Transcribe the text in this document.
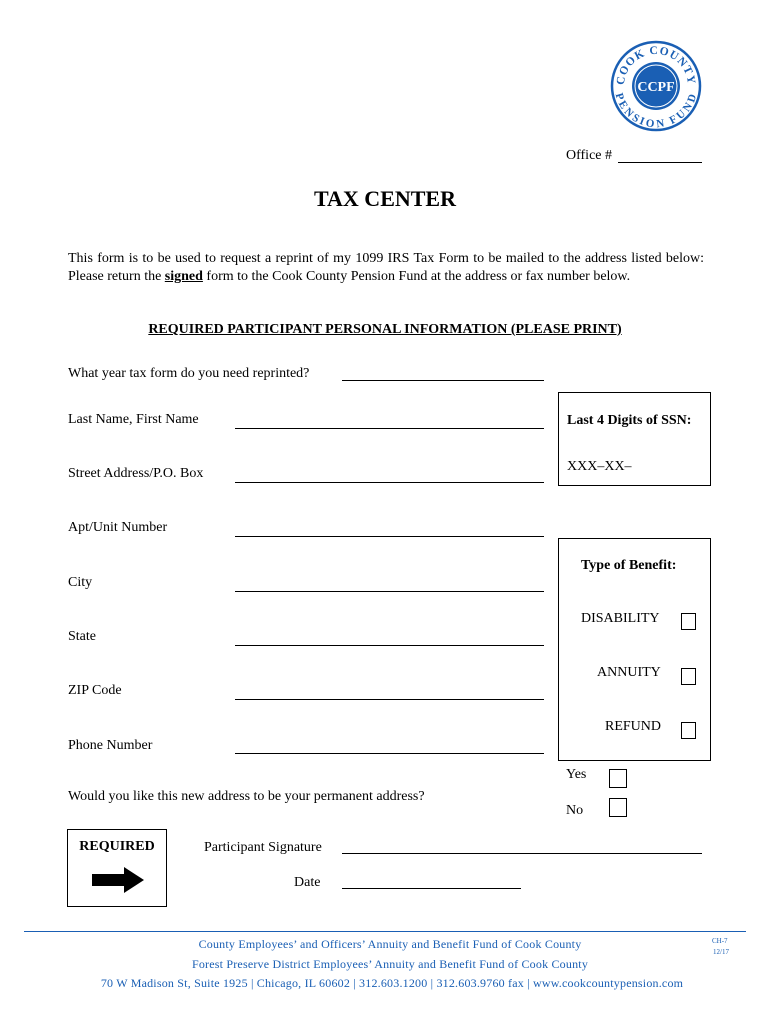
COOK COUNTY
PENSION FUND
CCPF
Office #
TAX CENTER
This form is to be used to request a reprint of my 1099 IRS Tax Form to be mailed to the address listed below: Please return the signed form to the Cook County Pension Fund at the address or fax number below.
REQUIRED PARTICIPANT PERSONAL INFORMATION (PLEASE PRINT)
What year tax form do you need reprinted?
Last Name, First Name
Street Address/P.O. Box
Apt/Unit Number
City
State
ZIP Code
Phone Number
Last 4 Digits of SSN:
XXX–XX–
Type of Benefit:
DISABILITY
ANNUITY
REFUND
Would you like this new address to be your permanent address?
Yes
No
REQUIRED	Participant Signature
Date
County Employees’ and Officers’ Annuity and Benefit Fund of Cook County
Forest Preserve District Employees’ Annuity and Benefit Fund of Cook County
70 W Madison St, Suite 1925 | Chicago, IL 60602 | 312.603.1200 | 312.603.9760 fax | www.cookcountypension.com
CH-7
12/17
